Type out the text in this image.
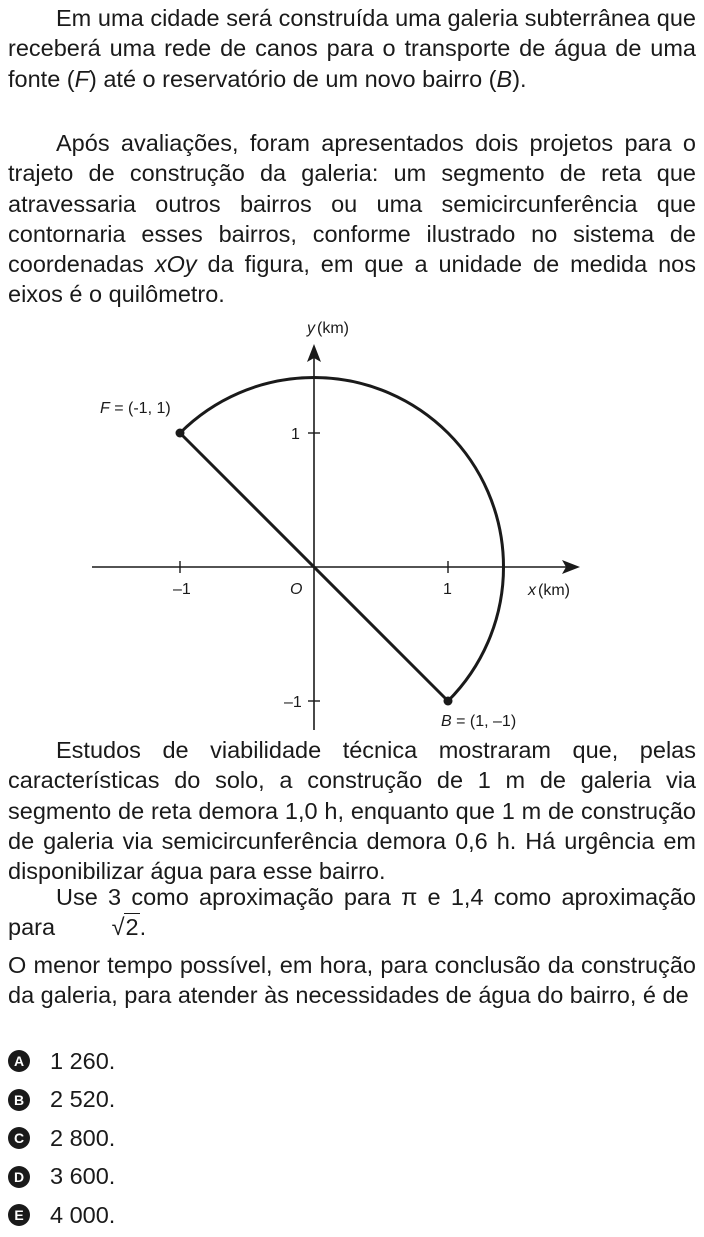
Em uma cidade será construída uma galeria subterrânea que receberá uma rede de canos para o transporte de água de uma fonte (F) até o reservatório de um novo bairro (B).

Após avaliações, foram apresentados dois projetos para o trajeto de construção da galeria: um segmento de reta que atravessaria outros bairros ou uma semicircunferência que contornaria esses bairros, conforme ilustrado no sistema de coordenadas xOy da figura, em que a unidade de medida nos eixos é o quilômetro.

y (km)
x (km)
O
–1	1
1
–1
F = (-1, 1)
B = (1, –1)

Estudos de viabilidade técnica mostraram que, pelas características do solo, a construção de 1 m de galeria via segmento de reta demora 1,0 h, enquanto que 1 m de construção de galeria via semicircunferência demora 0,6 h. Há urgência em disponibilizar água para esse bairro.

Use 3 como aproximação para π e 1,4 como aproximação para √2.

O menor tempo possível, em hora, para conclusão da construção da galeria, para atender às necessidades de água do bairro, é de

A 1 260.
B 2 520.
C 2 800.
D 3 600.
E 4 000.
